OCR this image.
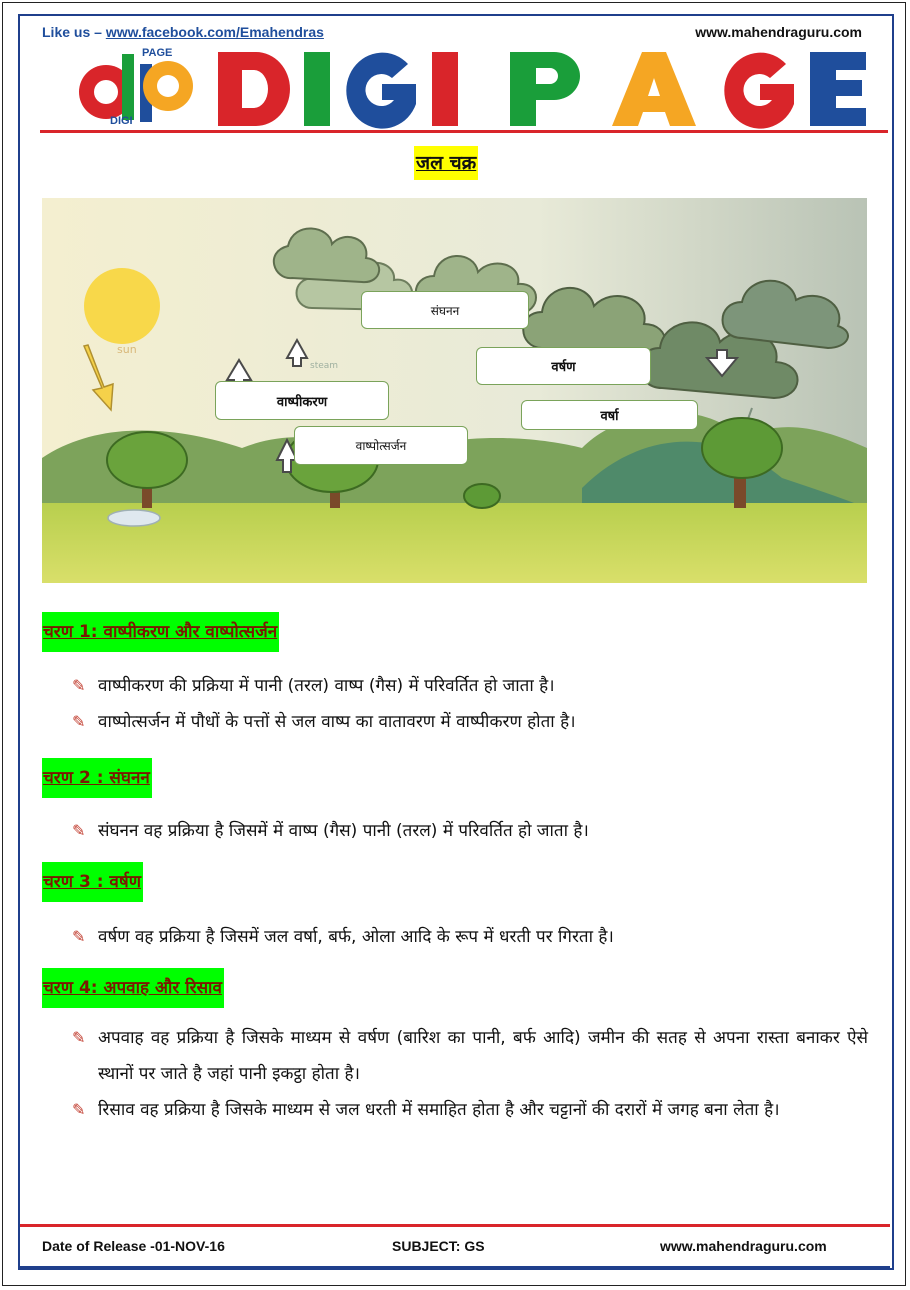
Like us – www.facebook.com/Emahendras	www.mahendraguru.com
PAGE
DIGI
जल चक्र
sun
steam
संघनन
वर्षण
वाष्पीकरण
वर्षा
वाष्पोत्सर्जन
चरण 1: वाष्पीकरण और वाष्पोत्सर्जन
✎ वाष्पीकरण की प्रक्रिया में पानी (तरल) वाष्प (गैस) में परिवर्तित हो जाता है।
✎ वाष्पोत्सर्जन में पौधों के पत्तों से जल वाष्प का वातावरण में वाष्पीकरण होता है।
चरण 2 : संघनन
✎ संघनन वह प्रक्रिया है जिसमें में वाष्प (गैस) पानी (तरल) में परिवर्तित हो जाता है।
चरण 3 : वर्षण
✎ वर्षण वह प्रक्रिया है जिसमें जल वर्षा, बर्फ, ओला आदि के रूप में धरती पर गिरता है।
चरण 4: अपवाह और रिसाव
✎ अपवाह वह प्रक्रिया है जिसके माध्यम से वर्षण (बारिश का पानी, बर्फ आदि) जमीन की सतह से अपना रास्ता बनाकर ऐसे स्थानों पर जाते है जहां पानी इकट्ठा होता है।
✎ रिसाव वह प्रक्रिया है जिसके माध्यम से जल धरती में समाहित होता है और चट्टानों की दरारों में जगह बना लेता है।
Date of Release -01-NOV-16	SUBJECT: GS	www.mahendraguru.com
